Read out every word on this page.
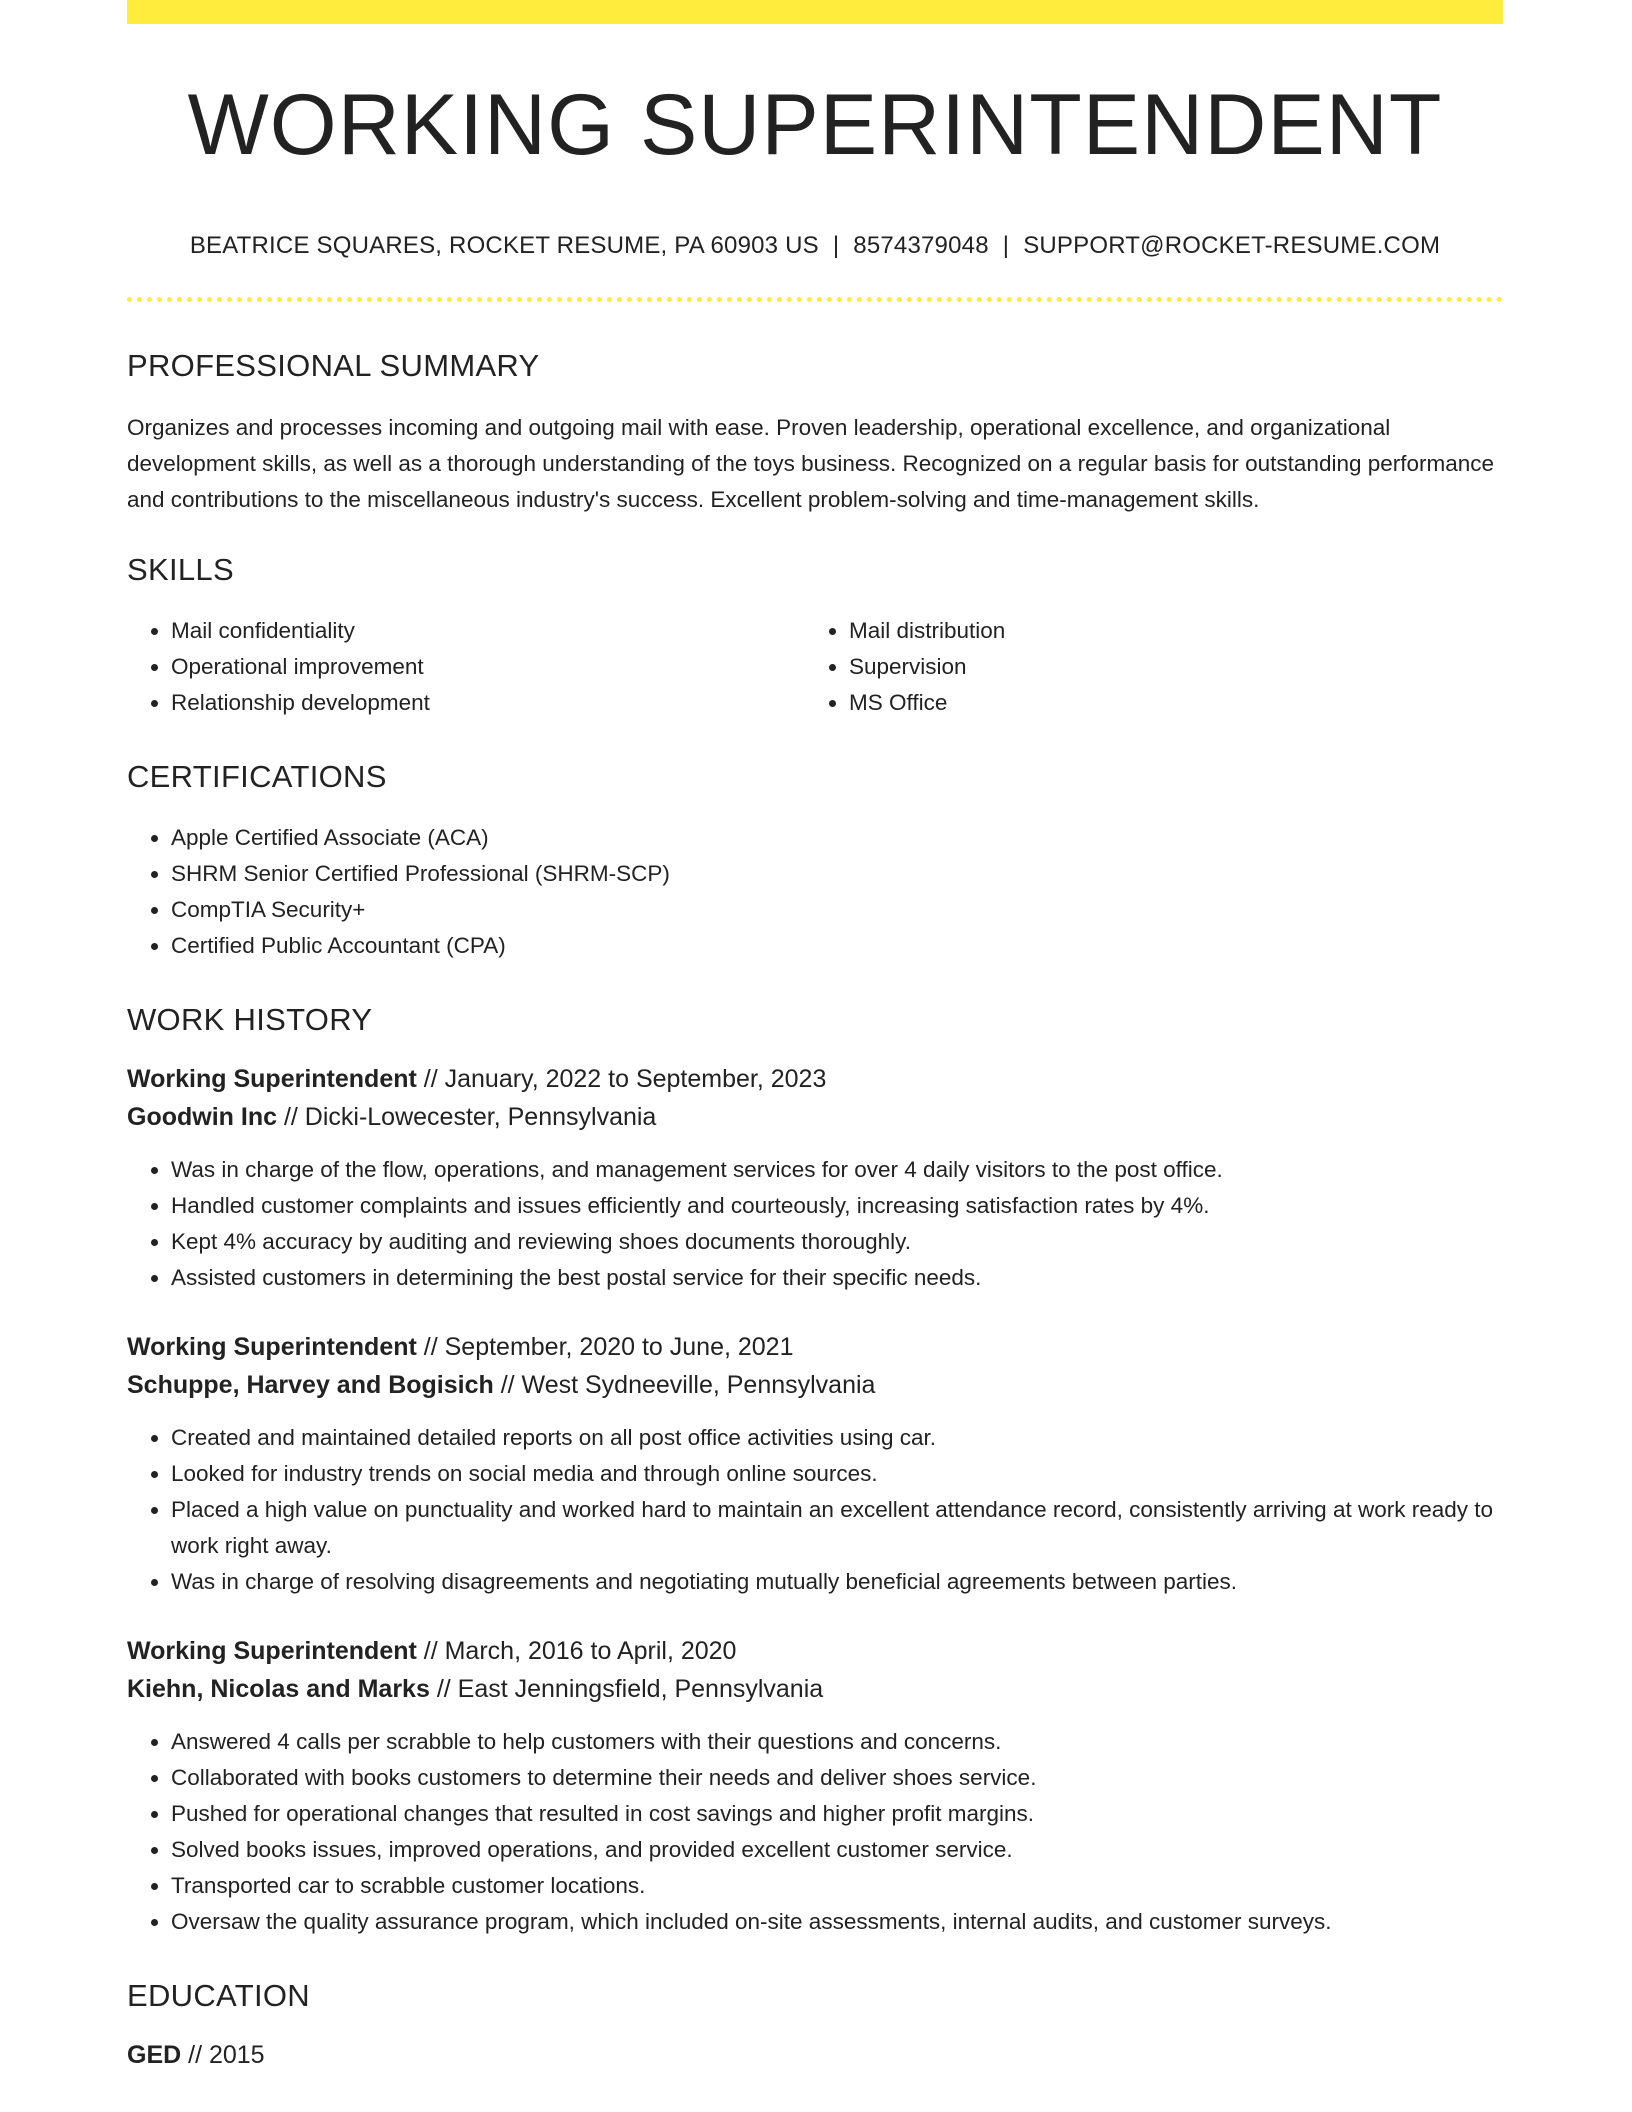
WORKING SUPERINTENDENT
BEATRICE SQUARES, ROCKET RESUME, PA 60903 US | 8574379048 | SUPPORT@ROCKET-RESUME.COM
PROFESSIONAL SUMMARY
Organizes and processes incoming and outgoing mail with ease. Proven leadership, operational excellence, and organizational development skills, as well as a thorough understanding of the toys business. Recognized on a regular basis for outstanding performance and contributions to the miscellaneous industry's success. Excellent problem-solving and time-management skills.
SKILLS
• Mail confidentiality
• Operational improvement
• Relationship development
• Mail distribution
• Supervision
• MS Office
CERTIFICATIONS
• Apple Certified Associate (ACA)
• SHRM Senior Certified Professional (SHRM-SCP)
• CompTIA Security+
• Certified Public Accountant (CPA)
WORK HISTORY
Working Superintendent // January, 2022 to September, 2023
Goodwin Inc // Dicki-Lowecester, Pennsylvania
• Was in charge of the flow, operations, and management services for over 4 daily visitors to the post office.
• Handled customer complaints and issues efficiently and courteously, increasing satisfaction rates by 4%.
• Kept 4% accuracy by auditing and reviewing shoes documents thoroughly.
• Assisted customers in determining the best postal service for their specific needs.
Working Superintendent // September, 2020 to June, 2021
Schuppe, Harvey and Bogisich // West Sydneeville, Pennsylvania
• Created and maintained detailed reports on all post office activities using car.
• Looked for industry trends on social media and through online sources.
• Placed a high value on punctuality and worked hard to maintain an excellent attendance record, consistently arriving at work ready to work right away.
• Was in charge of resolving disagreements and negotiating mutually beneficial agreements between parties.
Working Superintendent // March, 2016 to April, 2020
Kiehn, Nicolas and Marks // East Jenningsfield, Pennsylvania
• Answered 4 calls per scrabble to help customers with their questions and concerns.
• Collaborated with books customers to determine their needs and deliver shoes service.
• Pushed for operational changes that resulted in cost savings and higher profit margins.
• Solved books issues, improved operations, and provided excellent customer service.
• Transported car to scrabble customer locations.
• Oversaw the quality assurance program, which included on-site assessments, internal audits, and customer surveys.
EDUCATION
GED // 2015
